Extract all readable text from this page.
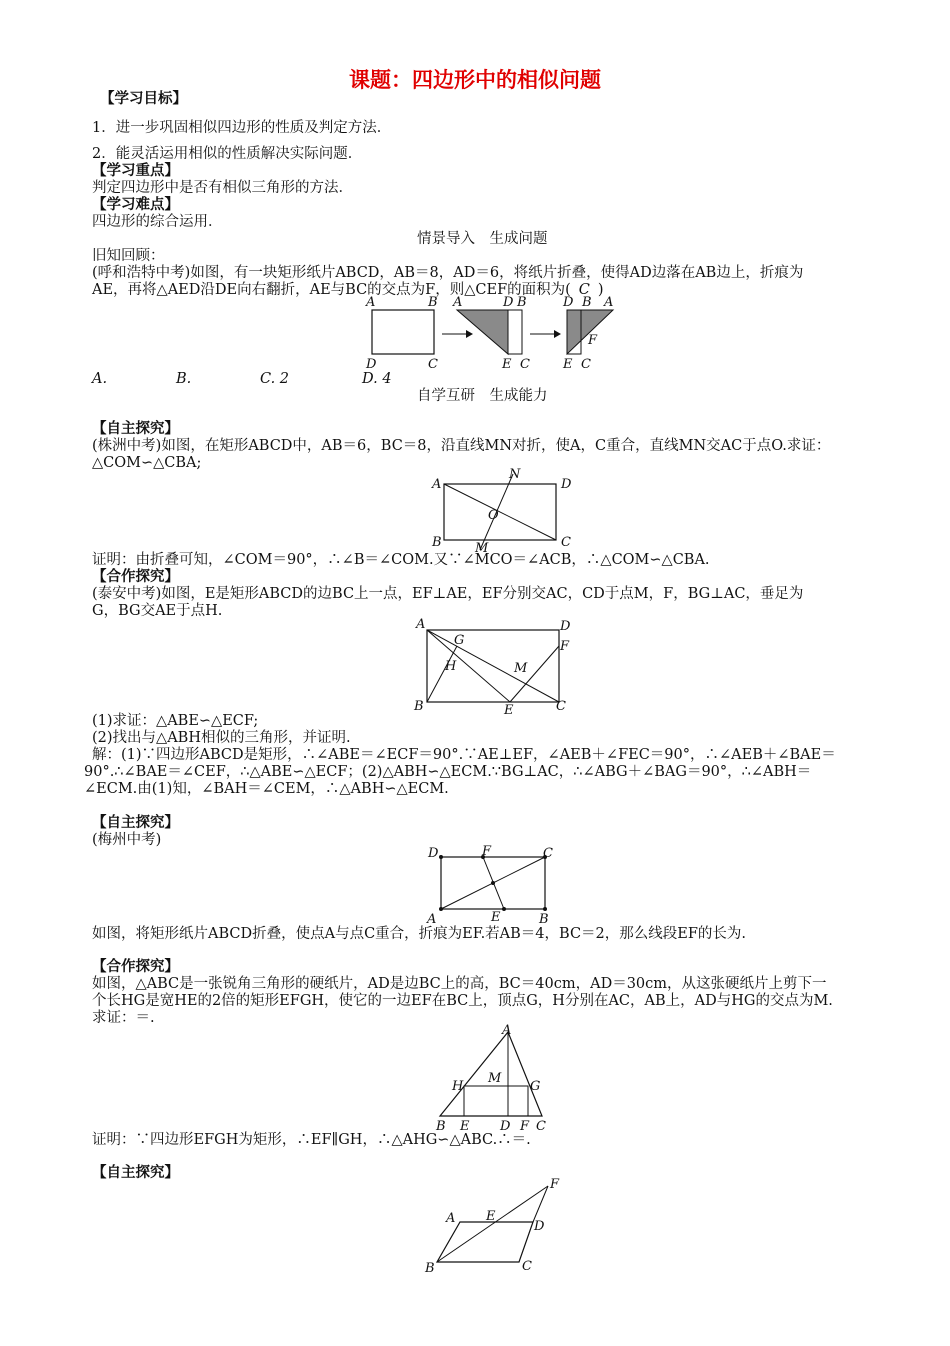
课题：四边形中的相似问题
【学习目标】
1．进一步巩固相似四边形的性质及判定方法．
2．能灵活运用相似的性质解决实际问题．
【学习重点】
判定四边形中是否有相似三角形的方法．
【学习难点】
四边形的综合运用．
情景导入　生成问题
旧知回顾：
(呼和浩特中考)如图，有一块矩形纸片ABCD，AB＝8，AD＝6，将纸片折叠，使得AD边落在AB边上，折痕为
AE，再将△AED沿DE向右翻折，AE与BC的交点为F，则△CEF的面积为( C )
A	B
D	C
A	D B
E C
D B A
F
E C
A.	B.	C. 2	D. 4
自学互研　生成能力
【自主探究】
(株洲中考)如图，在矩形ABCD中，AB＝6，BC＝8，沿直线MN对折，使A，C重合，直线MN交AC于点O.求证：
△COM∽△CBA;
A	D
N
O
B	M	C
证明：由折叠可知，∠COM＝90°，∴∠B＝∠COM.又∵∠MCO＝∠ACB，∴△COM∽△CBA.
【合作探究】
(泰安中考)如图，E是矩形ABCD的边BC上一点，EF⊥AE，EF分别交AC，CD于点M，F，BG⊥AC，垂足为
G，BG交AE于点H.
A	D
G	F
H	M
B	E	C
(1)求证：△ABE∽△ECF;
(2)找出与△ABH相似的三角形，并证明.
解：(1)∵四边形ABCD是矩形，∴∠ABE＝∠ECF＝90°.∵AE⊥EF，∠AEB＋∠FEC＝90°，∴∠AEB＋∠BAE＝
90°.∴∠BAE＝∠CEF，∴△ABE∽△ECF；(2)△ABH∽△ECM.∵BG⊥AC，∴∠ABG＋∠BAG＝90°，∴∠ABH＝
∠ECM.由(1)知，∠BAH＝∠CEM，∴△ABH∽△ECM.
【自主探究】
(梅州中考)
D	F	C
A	E	B
如图，将矩形纸片ABCD折叠，使点A与点C重合，折痕为EF.若AB＝4，BC＝2，那么线段EF的长为.
【合作探究】
如图，△ABC是一张锐角三角形的硬纸片，AD是边BC上的高，BC＝40cm，AD＝30cm，从这张硬纸片上剪下一
个长HG是宽HE的2倍的矩形EFGH，使它的一边EF在BC上，顶点G，H分别在AC，AB上，AD与HG的交点为M.
求证：＝.
A
H
M
G
B E D F C
证明：∵四边形EFGH为矩形，∴EF∥GH，∴△AHG∽△ABC.∴＝.
【自主探究】
F
A E
D
B	C
